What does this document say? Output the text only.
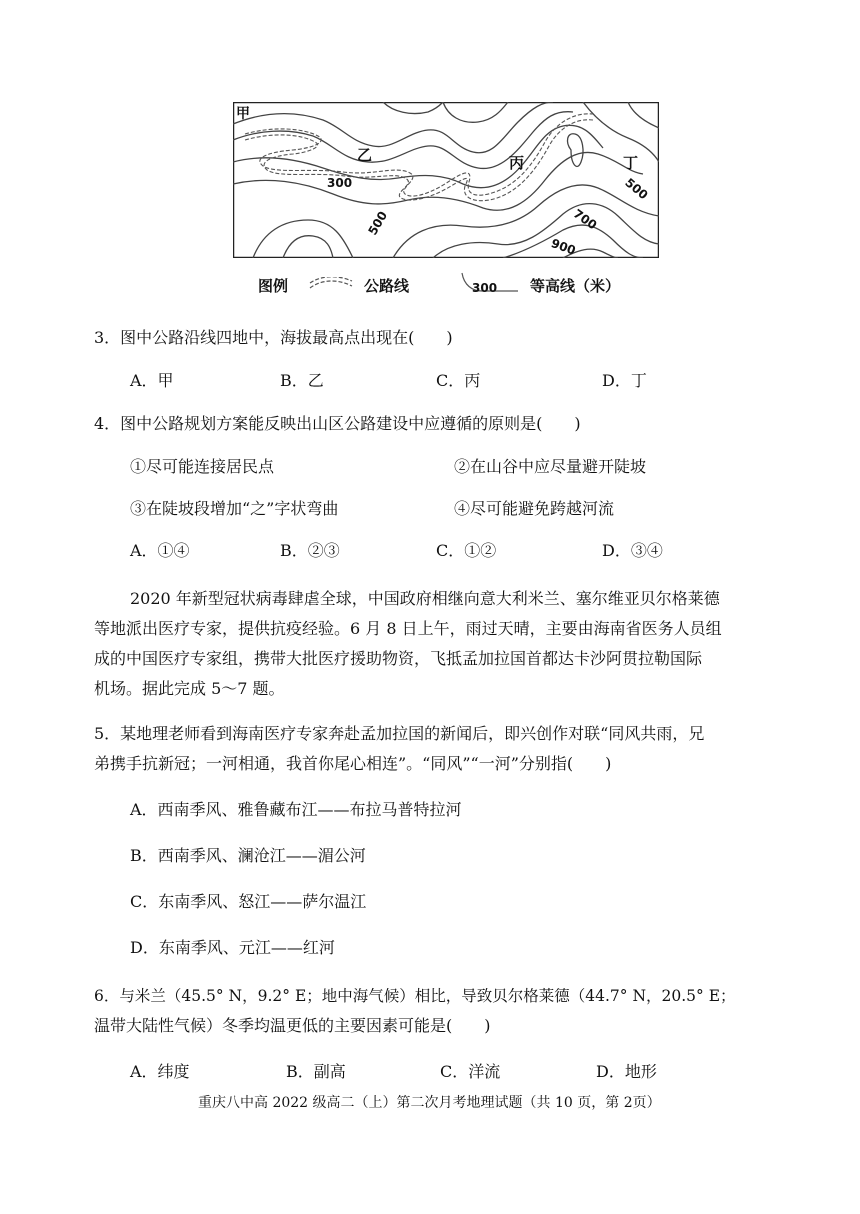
甲
乙	丙	丁
300
500	700
900
500
图例	公路线	300 等高线（米）
3．图中公路沿线四地中，海拔最高点出现在(　　)
A．甲	B．乙	C．丙	D．丁
4．图中公路规划方案能反映出山区公路建设中应遵循的原则是(　　)
①尽可能连接居民点	②在山谷中应尽量避开陡坡
③在陡坡段增加“之”字状弯曲	④尽可能避免跨越河流
A．①④	B．②③	C．①②	D．③④
2020 年新型冠状病毒肆虐全球，中国政府相继向意大利米兰、塞尔维亚贝尔格莱德
等地派出医疗专家，提供抗疫经验。6 月 8 日上午，雨过天晴，主要由海南省医务人员组
成的中国医疗专家组，携带大批医疗援助物资，飞抵孟加拉国首都达卡沙阿贯拉勒国际
机场。据此完成 5～7 题。
5．某地理老师看到海南医疗专家奔赴孟加拉国的新闻后，即兴创作对联“同风共雨，兄
弟携手抗新冠；一河相通，我首你尾心相连”。“同风”“一河”分别指(　　)
A．西南季风、雅鲁藏布江——布拉马普特拉河
B．西南季风、澜沧江——湄公河
C．东南季风、怒江——萨尔温江
D．东南季风、元江——红河
6．与米兰（45.5° N，9.2° E；地中海气候）相比，导致贝尔格莱德（44.7° N，20.5° E；
温带大陆性气候）冬季均温更低的主要因素可能是(　　)
A．纬度	B．副高	C．洋流	D．地形
重庆八中高 2022 级高二（上）第二次月考地理试题（共 10 页，第 2页）
